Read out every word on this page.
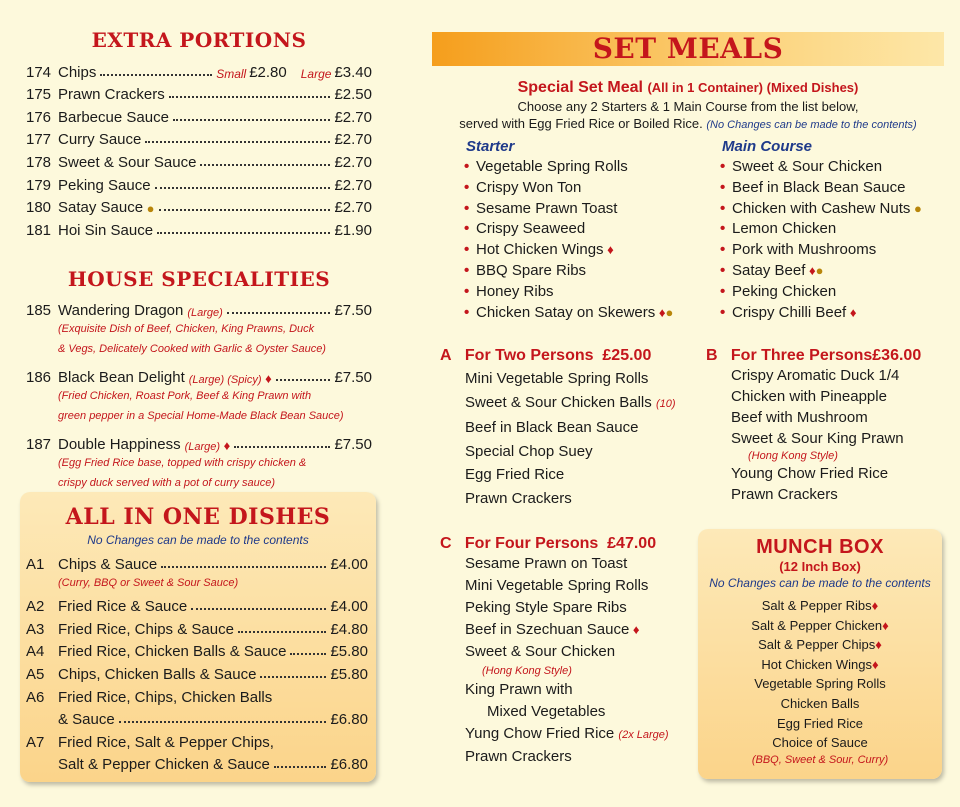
EXTRA PORTIONS
174 Chips	Small £2.80 Large £3.40
175 Prawn Crackers	£2.50
176 Barbecue Sauce	£2.70
177 Curry Sauce	£2.70
178 Sweet & Sour Sauce	£2.70
179 Peking Sauce	£2.70
180 Satay Sauce ●	£2.70
181 Hoi Sin Sauce	£1.90
HOUSE SPECIALITIES
185 Wandering Dragon (Large)	£7.50
(Exquisite Dish of Beef, Chicken, King Prawns, Duck
& Vegs, Delicately Cooked with Garlic & Oyster Sauce)
186 Black Bean Delight (Large) (Spicy) ♦	£7.50
(Fried Chicken, Roast Pork, Beef & King Prawn with
green pepper in a Special Home-Made Black Bean Sauce)
187 Double Happiness (Large) ♦	£7.50
(Egg Fried Rice base, topped with crispy chicken &
crispy duck served with a pot of curry sauce)
ALL IN ONE DISHES
No Changes can be made to the contents
A1 Chips & Sauce	£4.00
(Curry, BBQ or Sweet & Sour Sauce)
A2 Fried Rice & Sauce	£4.00
A3 Fried Rice, Chips & Sauce	£4.80
A4 Fried Rice, Chicken Balls & Sauce	£5.80
A5 Chips, Chicken Balls & Sauce	£5.80
A6 Fried Rice, Chips, Chicken Balls
& Sauce	£6.80
A7 Fried Rice, Salt & Pepper Chips,
Salt & Pepper Chicken & Sauce	£6.80
SET MEALS
Special Set Meal (All in 1 Container) (Mixed Dishes)
Choose any 2 Starters & 1 Main Course from the list below,
served with Egg Fried Rice or Boiled Rice. (No Changes can be made to the contents)
Starter
• Vegetable Spring Rolls
• Crispy Won Ton
• Sesame Prawn Toast
• Crispy Seaweed
• Hot Chicken Wings ♦
• BBQ Spare Ribs
• Honey Ribs
• Chicken Satay on Skewers ♦●
Main Course
• Sweet & Sour Chicken
• Beef in Black Bean Sauce
• Chicken with Cashew Nuts ●
• Lemon Chicken
• Pork with Mushrooms
• Satay Beef ♦●
• Peking Chicken
• Crispy Chilli Beef ♦
A For Two Persons £25.00
Mini Vegetable Spring Rolls
Sweet & Sour Chicken Balls (10)
Beef in Black Bean Sauce
Special Chop Suey
Egg Fried Rice
Prawn Crackers
B For Three Persons£36.00
Crispy Aromatic Duck 1/4
Chicken with Pineapple
Beef with Mushroom
Sweet & Sour King Prawn
(Hong Kong Style)
Young Chow Fried Rice
Prawn Crackers
C For Four Persons £47.00
Sesame Prawn on Toast
Mini Vegetable Spring Rolls
Peking Style Spare Ribs
Beef in Szechuan Sauce ♦
Sweet & Sour Chicken
(Hong Kong Style)
King Prawn with
Mixed Vegetables
Yung Chow Fried Rice (2x Large)
Prawn Crackers
MUNCH BOX
(12 Inch Box)
No Changes can be made to the contents
Salt & Pepper Ribs♦
Salt & Pepper Chicken♦
Salt & Pepper Chips♦
Hot Chicken Wings♦
Vegetable Spring Rolls
Chicken Balls
Egg Fried Rice
Choice of Sauce
(BBQ, Sweet & Sour, Curry)
